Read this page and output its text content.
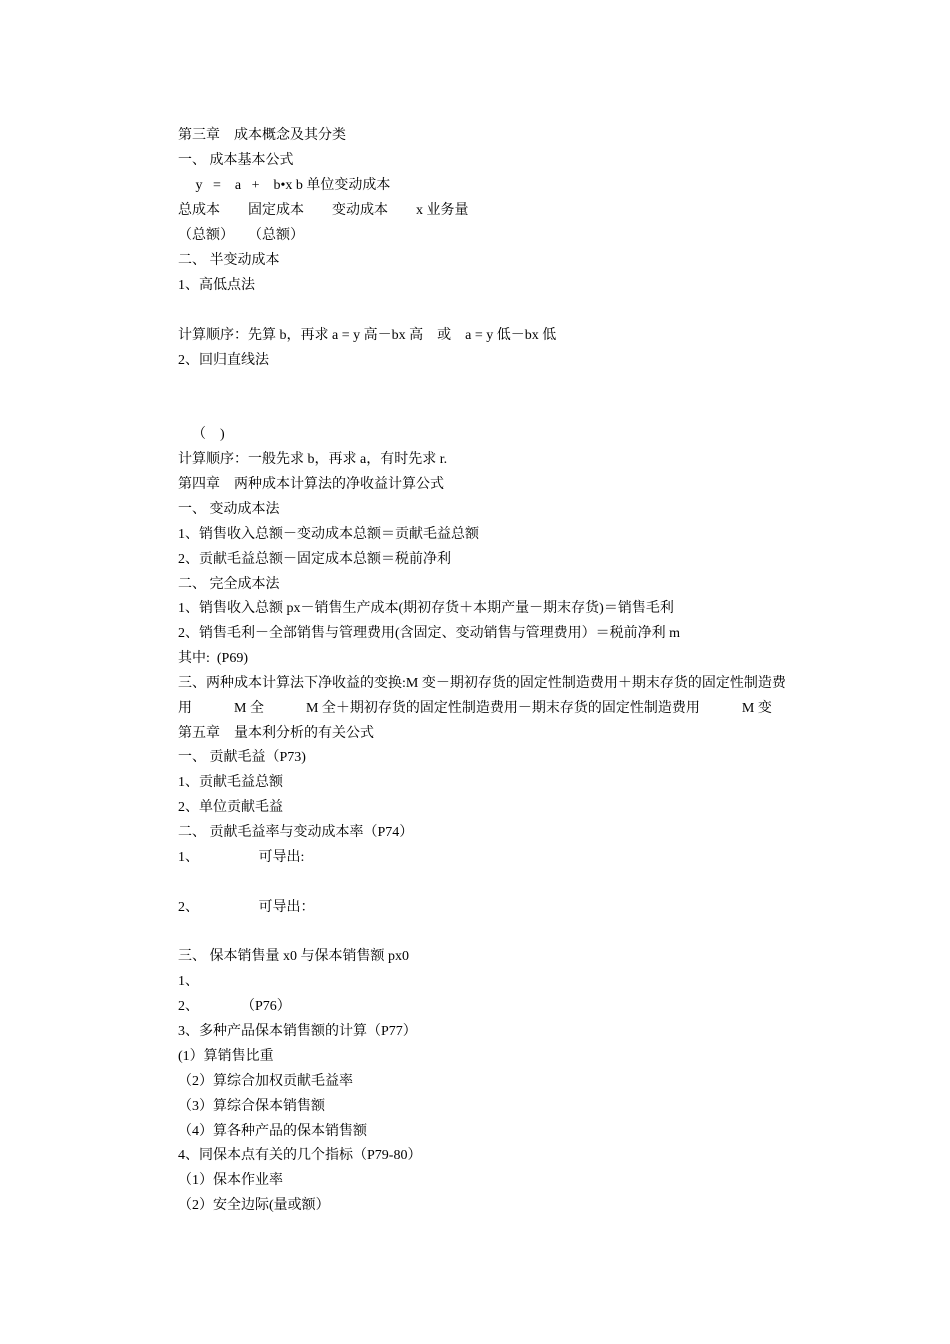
第三章　成本概念及其分类
一、 成本基本公式
y   =    a   +    b•x b 单位变动成本
总成本　　固定成本　　变动成本　　x 业务量
（总额）　　（总额）
二、 半变动成本
1、高低点法
计算顺序：先算 b，再求 a = y 高－bx 高    或    a = y 低－bx 低
2、回归直线法
（    )
计算顺序：一般先求 b，再求 a，有时先求 r.
第四章　两种成本计算法的净收益计算公式
一、 变动成本法
1、销售收入总额－变动成本总额＝贡献毛益总额
2、贡献毛益总额－固定成本总额＝税前净利
二、 完全成本法
1、销售收入总额 px－销售生产成本(期初存货＋本期产量－期末存货)＝销售毛利
2、销售毛利－全部销售与管理费用(含固定、变动销售与管理费用）＝税前净利 m
其中:  (P69)
三、两种成本计算法下净收益的变换:M 变－期初存货的固定性制造费用＋期末存货的固定性制造费
用            M 全            M 全＋期初存货的固定性制造费用－期末存货的固定性制造费用            M 变
第五章　量本利分析的有关公式
一、 贡献毛益（P73)
1、贡献毛益总额
2、单位贡献毛益
二、 贡献毛益率与变动成本率（P74）
1、                 可导出:
2、                 可导出：
三、 保本销售量 x0 与保本销售额 px0
1、
2、            （P76）
3、多种产品保本销售额的计算（P77）
(1）算销售比重
（2）算综合加权贡献毛益率
（3）算综合保本销售额
（4）算各种产品的保本销售额
4、同保本点有关的几个指标（P79-80）
（1）保本作业率
（2）安全边际(量或额）
